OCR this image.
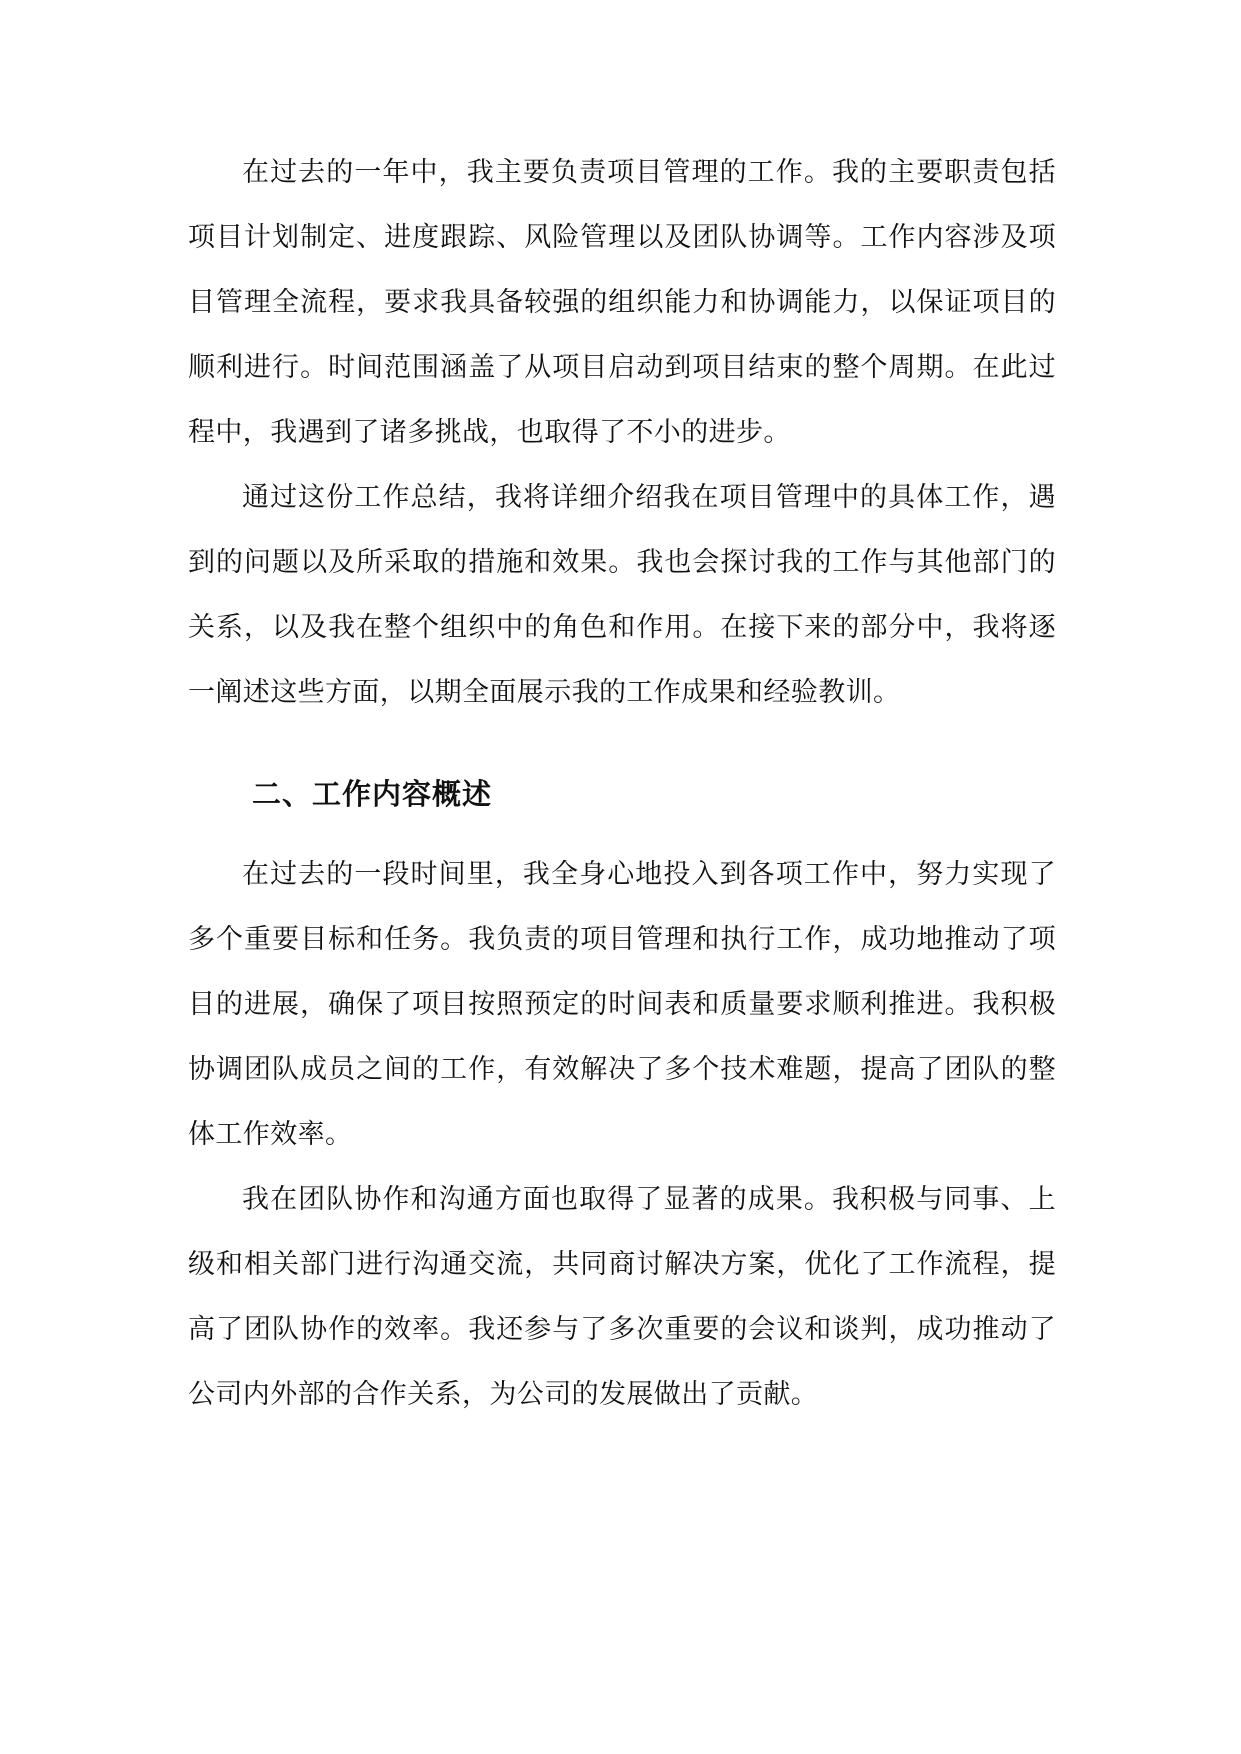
在过去的一年中，我主要负责项目管理的工作。我的主要职责包括项目计划制定、进度跟踪、风险管理以及团队协调等。工作内容涉及项目管理全流程，要求我具备较强的组织能力和协调能力，以保证项目的顺利进行。时间范围涵盖了从项目启动到项目结束的整个周期。在此过程中，我遇到了诸多挑战，也取得了不小的进步。

通过这份工作总结，我将详细介绍我在项目管理中的具体工作，遇到的问题以及所采取的措施和效果。我也会探讨我的工作与其他部门的关系，以及我在整个组织中的角色和作用。在接下来的部分中，我将逐一阐述这些方面，以期全面展示我的工作成果和经验教训。

二、工作内容概述

在过去的一段时间里，我全身心地投入到各项工作中，努力实现了多个重要目标和任务。我负责的项目管理和执行工作，成功地推动了项目的进展，确保了项目按照预定的时间表和质量要求顺利推进。我积极协调团队成员之间的工作，有效解决了多个技术难题，提高了团队的整体工作效率。

我在团队协作和沟通方面也取得了显著的成果。我积极与同事、上级和相关部门进行沟通交流，共同商讨解决方案，优化了工作流程，提高了团队协作的效率。我还参与了多次重要的会议和谈判，成功推动了公司内外部的合作关系，为公司的发展做出了贡献。
